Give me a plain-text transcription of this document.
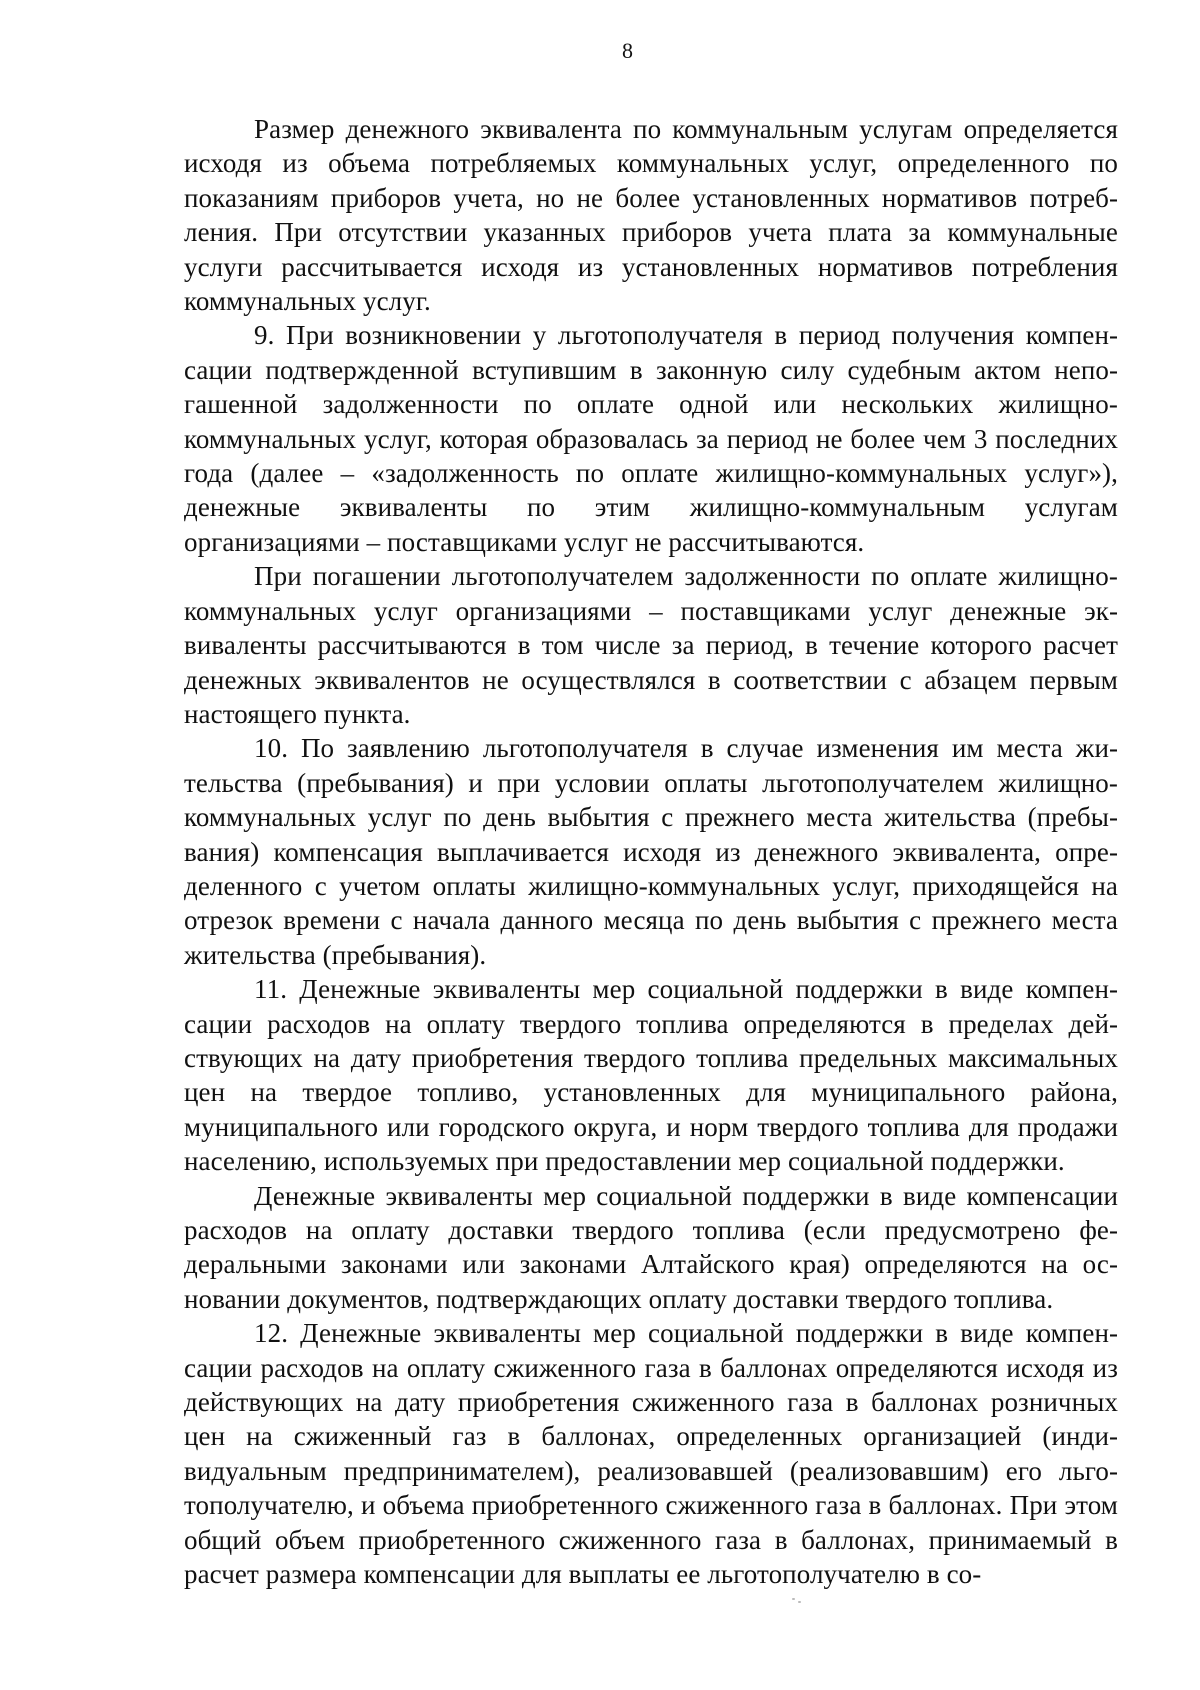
8

Размер денежного эквивалента по коммунальным услугам определяется исходя из объема потребляемых коммунальных услуг, определенного по показаниям приборов учета, но не более установленных нормативов потребления. При отсутствии указанных приборов учета плата за коммунальные услуги рассчитывается исходя из установленных нормативов потребления коммунальных услуг.

9. При возникновении у льготополучателя в период получения компенсации подтвержденной вступившим в законную силу судебным актом непогашенной задолженности по оплате одной или нескольких жилищно-коммунальных услуг, которая образовалась за период не более чем 3 последних года (далее – «задолженность по оплате жилищно-коммунальных услуг»), денежные эквиваленты по этим жилищно-коммунальным услугам организациями – поставщиками услуг не рассчитываются.

При погашении льготополучателем задолженности по оплате жилищно-коммунальных услуг организациями – поставщиками услуг денежные эквиваленты рассчитываются в том числе за период, в течение которого расчет денежных эквивалентов не осуществлялся в соответствии с абзацем первым настоящего пункта.

10. По заявлению льготополучателя в случае изменения им места жительства (пребывания) и при условии оплаты льготополучателем жилищно-коммунальных услуг по день выбытия с прежнего места жительства (пребывания) компенсация выплачивается исходя из денежного эквивалента, определенного с учетом оплаты жилищно-коммунальных услуг, приходящейся на отрезок времени с начала данного месяца по день выбытия с прежнего места жительства (пребывания).

11. Денежные эквиваленты мер социальной поддержки в виде компенсации расходов на оплату твердого топлива определяются в пределах действующих на дату приобретения твердого топлива предельных максимальных цен на твердое топливо, установленных для муниципального района, муниципального или городского округа, и норм твердого топлива для продажи населению, используемых при предоставлении мер социальной поддержки.

Денежные эквиваленты мер социальной поддержки в виде компенсации расходов на оплату доставки твердого топлива (если предусмотрено федеральными законами или законами Алтайского края) определяются на основании документов, подтверждающих оплату доставки твердого топлива.

12. Денежные эквиваленты мер социальной поддержки в виде компенсации расходов на оплату сжиженного газа в баллонах определяются исходя из действующих на дату приобретения сжиженного газа в баллонах розничных цен на сжиженный газ в баллонах, определенных организацией (индивидуальным предпринимателем), реализовавшей (реализовавшим) его льготополучателю, и объема приобретенного сжиженного газа в баллонах. При этом общий объем приобретенного сжиженного газа в баллонах, принимаемый в расчет размера компенсации для выплаты ее льготополучателю в со-
